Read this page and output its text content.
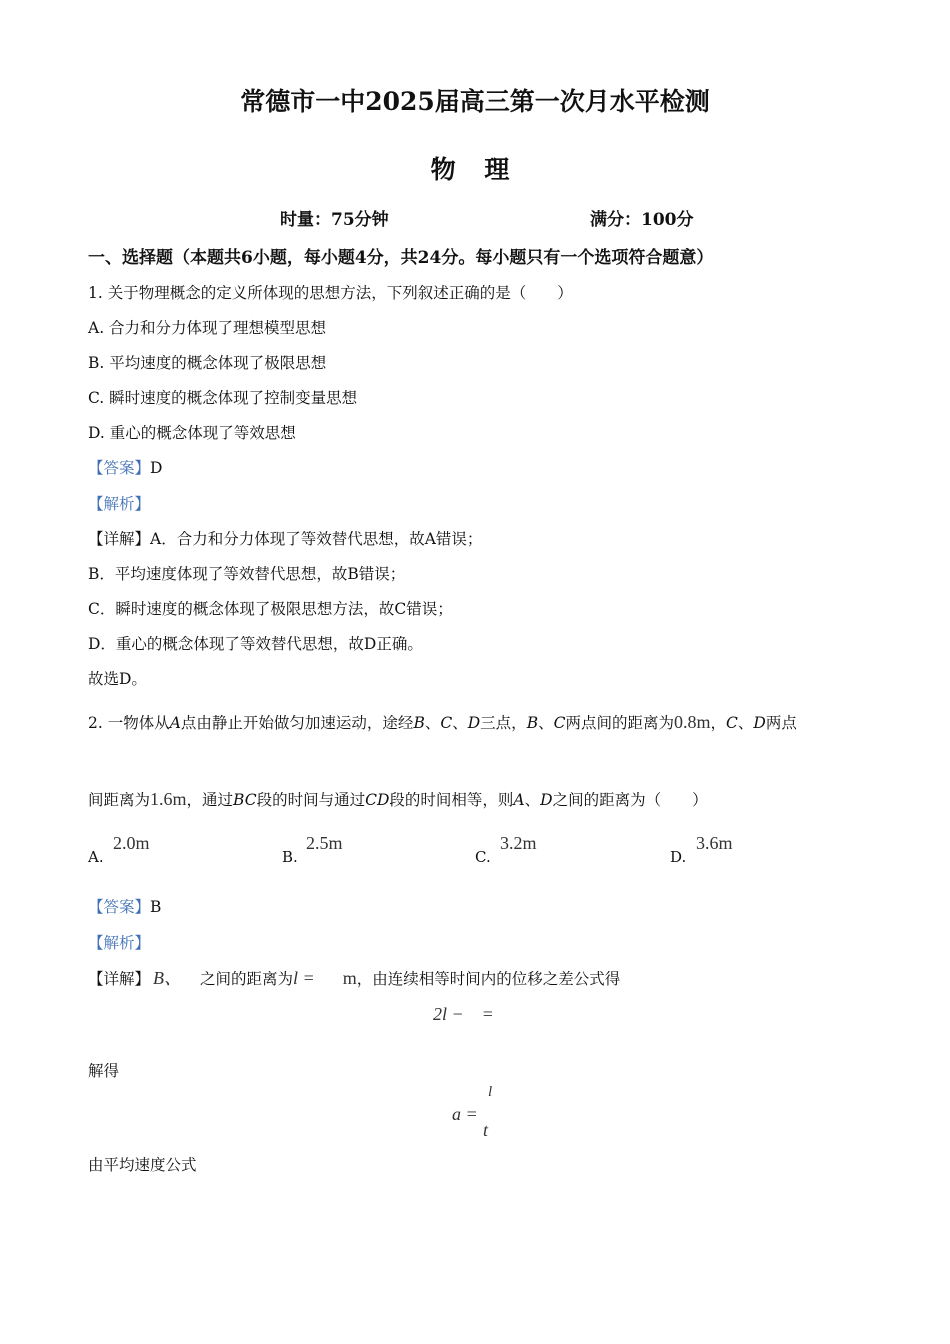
常德市一中2025届高三第一次月水平检测
物 理
时量：75分钟	满分：100分
一、选择题（本题共6小题，每小题4分，共24分。每小题只有一个选项符合题意）
1. 关于物理概念的定义所体现的思想方法，下列叙述正确的是（　　）
A. 合力和分力体现了理想模型思想
B. 平均速度的概念体现了极限思想
C. 瞬时速度的概念体现了控制变量思想
D. 重心的概念体现了等效思想
【答案】D
【解析】
【详解】A．合力和分力体现了等效替代思想，故A错误；
B．平均速度体现了等效替代思想，故B错误；
C．瞬时速度的概念体现了极限思想方法，故C错误；
D．重心的概念体现了等效替代思想，故D正确。
故选D。
2. 一物体从A点由静止开始做匀加速运动，途经B、C、D三点，B、C两点间的距离为0.8m，C、D两点
间距离为1.6m，通过BC段的时间与通过CD段的时间相等，则A、D之间的距离为（　　）
A.
2.0m
B.
2.5m
C.
3.2m
D.
3.6m
【答案】B
【解析】
【详解】 B、 之间的距离为l = m，由连续相等时间内的位移之差公式得
2l −　=
解得
a =
l
t
由平均速度公式
